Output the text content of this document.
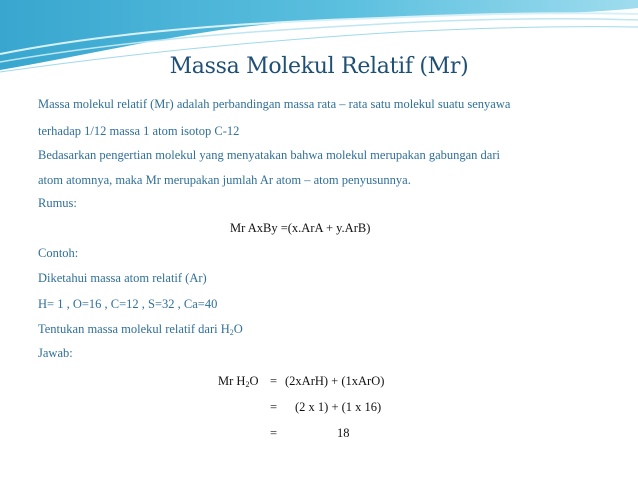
Massa Molekul Relatif (Mr)
Massa molekul relatif (Mr) adalah perbandingan massa rata – rata satu molekul suatu senyawa
terhadap 1/12 massa 1 atom isotop C-12
Bedasarkan pengertian molekul yang menyatakan bahwa molekul merupakan gabungan dari
atom atomnya, maka Mr merupakan jumlah Ar atom – atom penyusunnya.
Rumus:
Mr AxBy =(x.ArA + y.ArB)
Contoh:
Diketahui massa atom relatif (Ar)
H= 1 , O=16 , C=12 , S=32 , Ca=40
Tentukan massa molekul relatif dari $H_2O$
Jawab:
Mr $H_2O$ = (2xArH) + (1xArO)
= (2 x 1) + (1 x 16)
=	18
